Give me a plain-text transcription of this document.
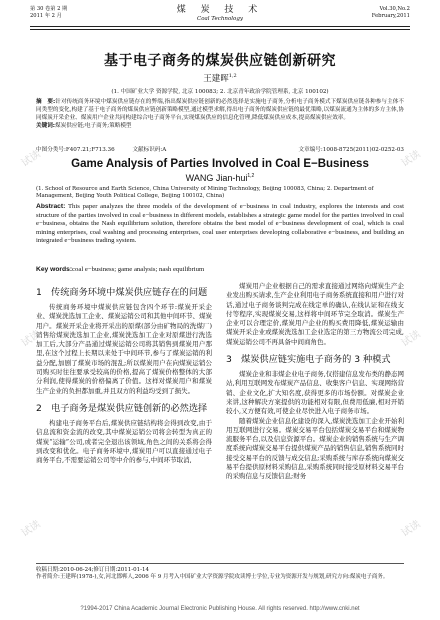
第 30 卷第 2 期
2011 年 2 月
煤 炭 技 术
Coal Technology
Vol.30,No.2
February,2011
基于电子商务的煤炭供应链创新研究
王建晖$^{1,2}$
(1. 中国矿业大学 资源学院, 北京 100083; 2. 北京青年政治学院管理系, 北京 100102)
摘　要:针对传统商务环境中煤炭供应链存在的弊端,指出煤炭供应链创新的必然选择是实施电子商务,分析电子商务模式下煤炭供应链各种参与主体不同类型的变化,构建了基于电子商务的煤炭供应链创新策略模型,通过模型求解,得出电子商务的煤炭供应链的最优策略,以煤炭流通为主体的多方主体,协同煤炭开采企业、煤炭用户企业共同构建综合电子商务平台,实现煤炭供应的信息化管理,降低煤炭供应成本,提高煤炭供应效率。
关键词:煤炭供应链;电子商务;策略模型
中图分类号:F407.21;F713.36	文献标识码:A	文章编号:1008-8725(2011)02-0252-03
Game Analysis of Parties Involved in Coal E−Business
WANG Jian-hui$^{1,2}$
(1. School of Resource and Earth Science, China University of Mining Technology, Beijing 100083, China; 2. Department of Management, Beijing Youth Political College, Beijing 100102, China)
Abstract: This paper analyzes the three models of the development of e−business in coal industry, explores the interests and cost structure of the parties involved in coal e−business in different models, establishes a strategic game model for the parties involved in coal e−business, obtains the Nash equilibrium solution, therefore obtains the best model of e−business development of coal, which is coal mining enterprises, coal washing and processing enterprises, coal user enterprises developing collaborative e−business, and building an integrated e−business trading system.
Key words:coal e−business; game analysis; nash equilibrium
1　传统商务环境中煤炭供应链存在的问题

传统商务环境中煤炭供应链包含四个环节:煤炭开采企业、煤炭洗选加工企业、煤炭运销公司和其他中间环节、煤炭用户。煤炭开采企业将开采出的原煤(部分由矿物局的洗煤厂)销售给煤炭洗选加工企业,煤炭洗选加工企业对原煤进行洗选加工后,大部分产品通过煤炭运销公司将其销售到煤炭用户那里,在这个过程上长期以来处于中间环节,参与了煤炭运销的利益分配,加剧了煤炭市场的混乱;所以煤炭用户在向煤炭运销公司购买时往往要承受较高的价格,提高了煤炭价格整体的大部分利润,使得煤炭的价格偏离了价值。这样对煤炭用户和煤炭生产企业的负担都加重,并且双方的利益均受到了损失。

2　电子商务是煤炭供应链创新的必然选择

构建电子商务平台后,煤炭供应链结构将会得到改变,由于信息流和资金流的改变,其中煤炭运销公司将会转型为真正的煤炭“运输”公司,或者完全退出该领域,角色之间的关系将会得到改变和优化。电子商务环境中,煤炭用户可以直接通过电子商务平台,不需要运销公司等中介的参与,中间环节取消,

煤炭用户企业根据自己的需求直接通过网络向煤炭生产企业发出购买请求,生产企业利用电子商务系统直接和用户进行对话,通过电子商务谈判完成在线定单的确认,在线认证和在线支付等程序,实现煤炭交易,这样将中间环节完全取消。煤炭生产企业可以合理定价,煤炭用户企业的购买费用降低,煤炭运输由煤炭开采企业或煤炭洗选加工企业选定的第三方物流公司完成,煤炭运销公司不再具备中间商角色。

3　煤炭供应链实施电子商务的 3 种模式

煤炭企业和非煤企业电子商务,仅搭建信息发布类的静态网站,利用互联网发布煤炭产品信息、收集客户信息、实现网络营销、企业文化,扩大知名度,获得更多的市场份额。对煤炭企业来讲,这种解决方案提供的功能相对有限,但费用低廉,相对开销较小,又方便有效,可使企业尽快进入电子商务市场。

随着煤炭企业信息化建设的深入,煤炭洗选加工企业开始利用互联网进行交易。煤炭交易平台包括煤炭交易平台和煤炭物流服务平台,以及信息资源平台。煤炭企业的销售系统与生产调度系统向煤炭交易平台提供煤炭产品的销售信息,销售系统同时接受交易平台的反馈与成交信息;采购系统与库存系统向煤炭交易平台提供原材料采购信息,采购系统同时接受原材料交易平台的采购信息与反馈信息;财务

收稿日期:2010-06-24;修订日期:2011-01-14
作者简介:王建晖(1978-),女,河北邯郸人,2006 年 9 月考入中国矿业大学资源学院攻读博士学位,专业为资源开发与规划,研究方向:煤炭电子商务。
?1994-2017 China Academic Journal Electronic Publishing House. All rights reserved. http://www.cnki.net
试读	试读
试读	试读
试读	试读
